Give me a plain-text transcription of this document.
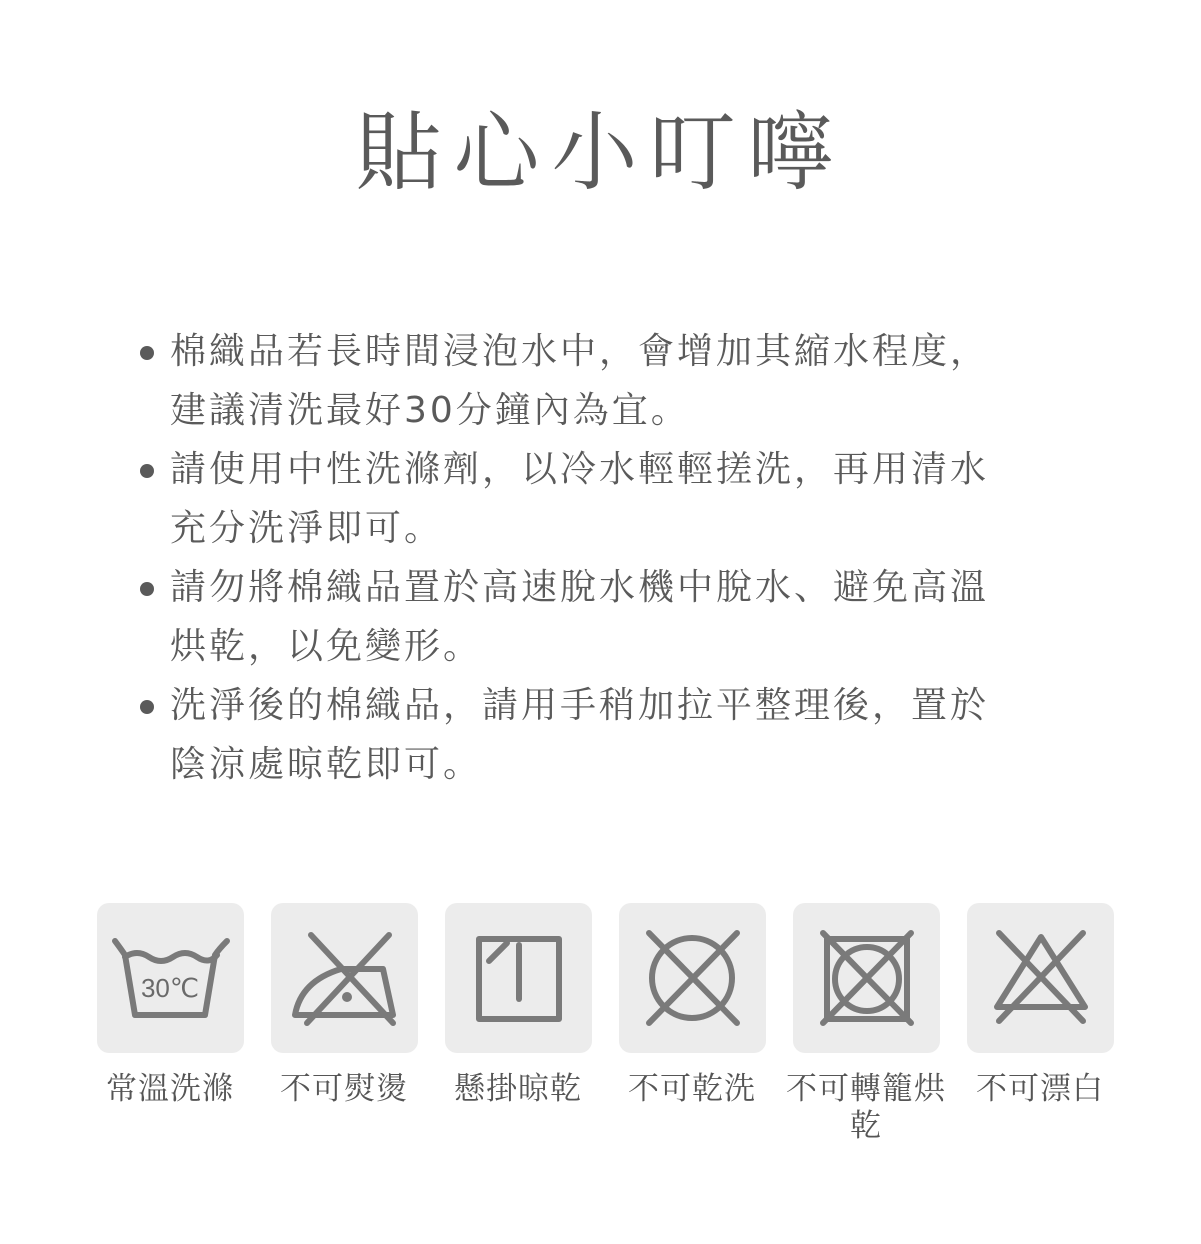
貼心小叮嚀
棉織品若長時間浸泡水中，會增加其縮水程度，建議清洗最好30分鐘內為宜。
請使用中性洗滌劑，以冷水輕輕搓洗，再用清水充分洗淨即可。
請勿將棉織品置於高速脫水機中脫水、避免高溫烘乾，以免變形。
洗淨後的棉織品，請用手稍加拉平整理後，置於陰涼處晾乾即可。
30℃
常溫洗滌	不可熨燙	懸掛晾乾	不可乾洗 不可轉籠烘乾
不可漂白
